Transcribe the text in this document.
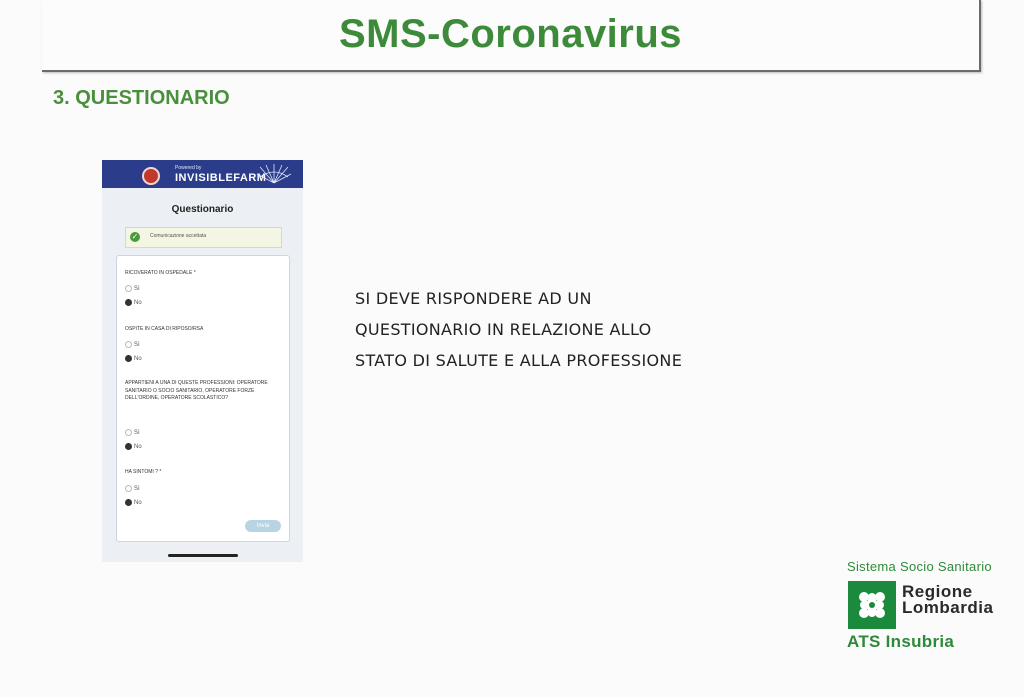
SMS-Coronavirus
3. QUESTIONARIO
Powered by
INVISIBLEFARM
Questionario
✓	Comunicazione accettata
RICOVERATO IN OSPEDALE *
Sì
No
OSPITE IN CASA DI RIPOSO/RSA
Sì
No
APPARTIENI A UNA DI QUESTE PROFESSIONI: OPERATORE SANITARIO O SOCIO SANITARIO, OPERATORE FORZE DELL'ORDINE, OPERATORE SCOLASTICO?
Sì
No
HA SINTOMI ? *
Sì
No
Invia
SI DEVE RISPONDERE AD UN
QUESTIONARIO IN RELAZIONE ALLO
STATO DI SALUTE E ALLA PROFESSIONE
Sistema Socio Sanitario
Regione
Lombardia
ATS Insubria
